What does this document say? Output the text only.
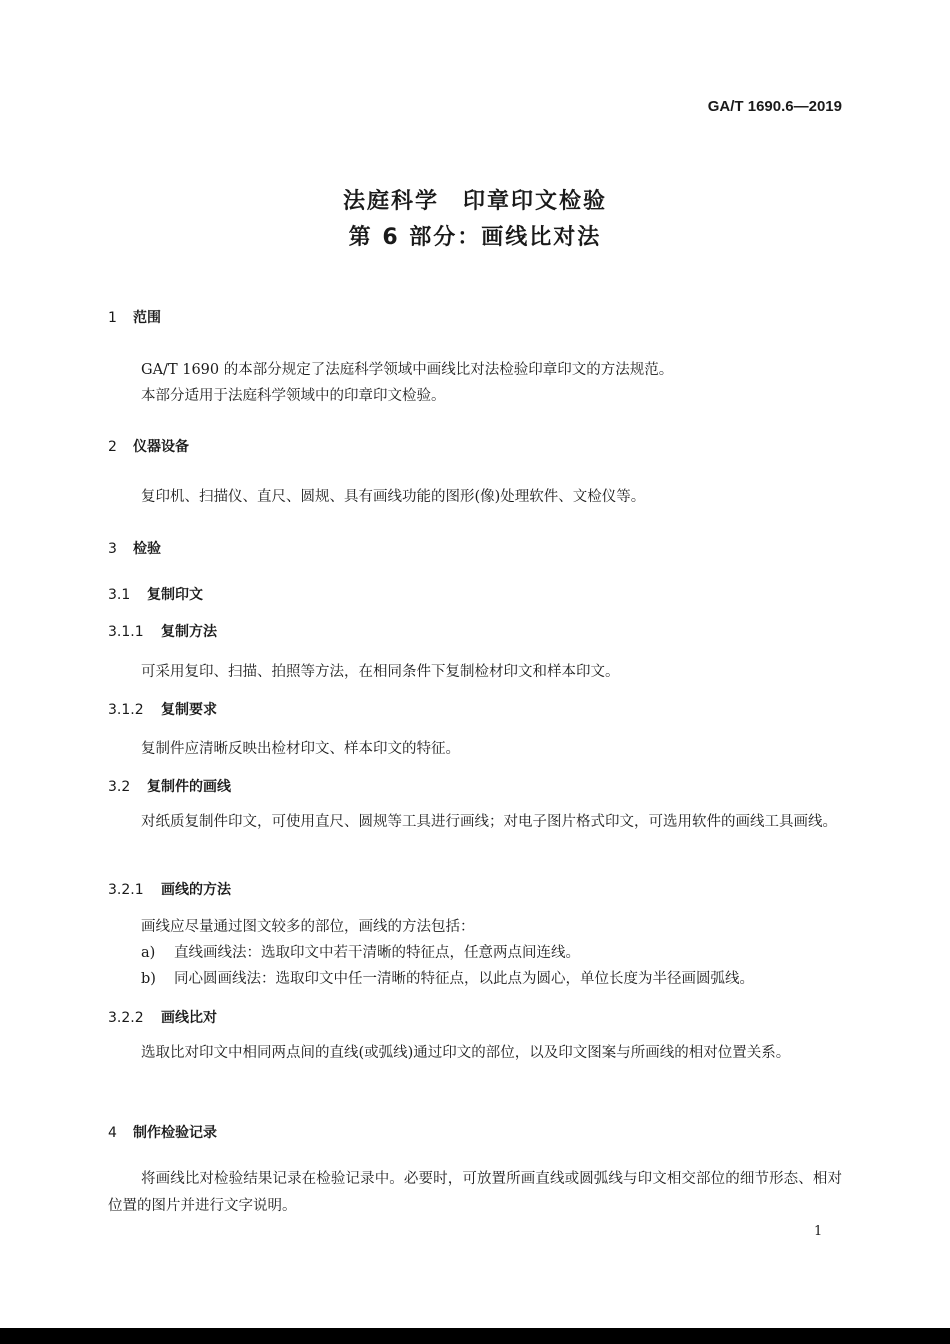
GA/T 1690.6—2019
法庭科学　印章印文检验
第 6 部分：画线比对法
1 范围
GA/T 1690 的本部分规定了法庭科学领域中画线比对法检验印章印文的方法规范。
本部分适用于法庭科学领域中的印章印文检验。
2 仪器设备
复印机、扫描仪、直尺、圆规、具有画线功能的图形(像)处理软件、文检仪等。
3 检验
3.1 复制印文
3.1.1 复制方法
可采用复印、扫描、拍照等方法，在相同条件下复制检材印文和样本印文。
3.1.2 复制要求
复制件应清晰反映出检材印文、样本印文的特征。
3.2 复制件的画线
对纸质复制件印文，可使用直尺、圆规等工具进行画线；对电子图片格式印文，可选用软件的画线工具画线。
3.2.1 画线的方法
画线应尽量通过图文较多的部位，画线的方法包括：
a) 直线画线法：选取印文中若干清晰的特征点，任意两点间连线。
b) 同心圆画线法：选取印文中任一清晰的特征点，以此点为圆心，单位长度为半径画圆弧线。
3.2.2 画线比对
选取比对印文中相同两点间的直线(或弧线)通过印文的部位，以及印文图案与所画线的相对位置关系。
4 制作检验记录
将画线比对检验结果记录在检验记录中。必要时，可放置所画直线或圆弧线与印文相交部位的细节形态、相对位置的图片并进行文字说明。
1
